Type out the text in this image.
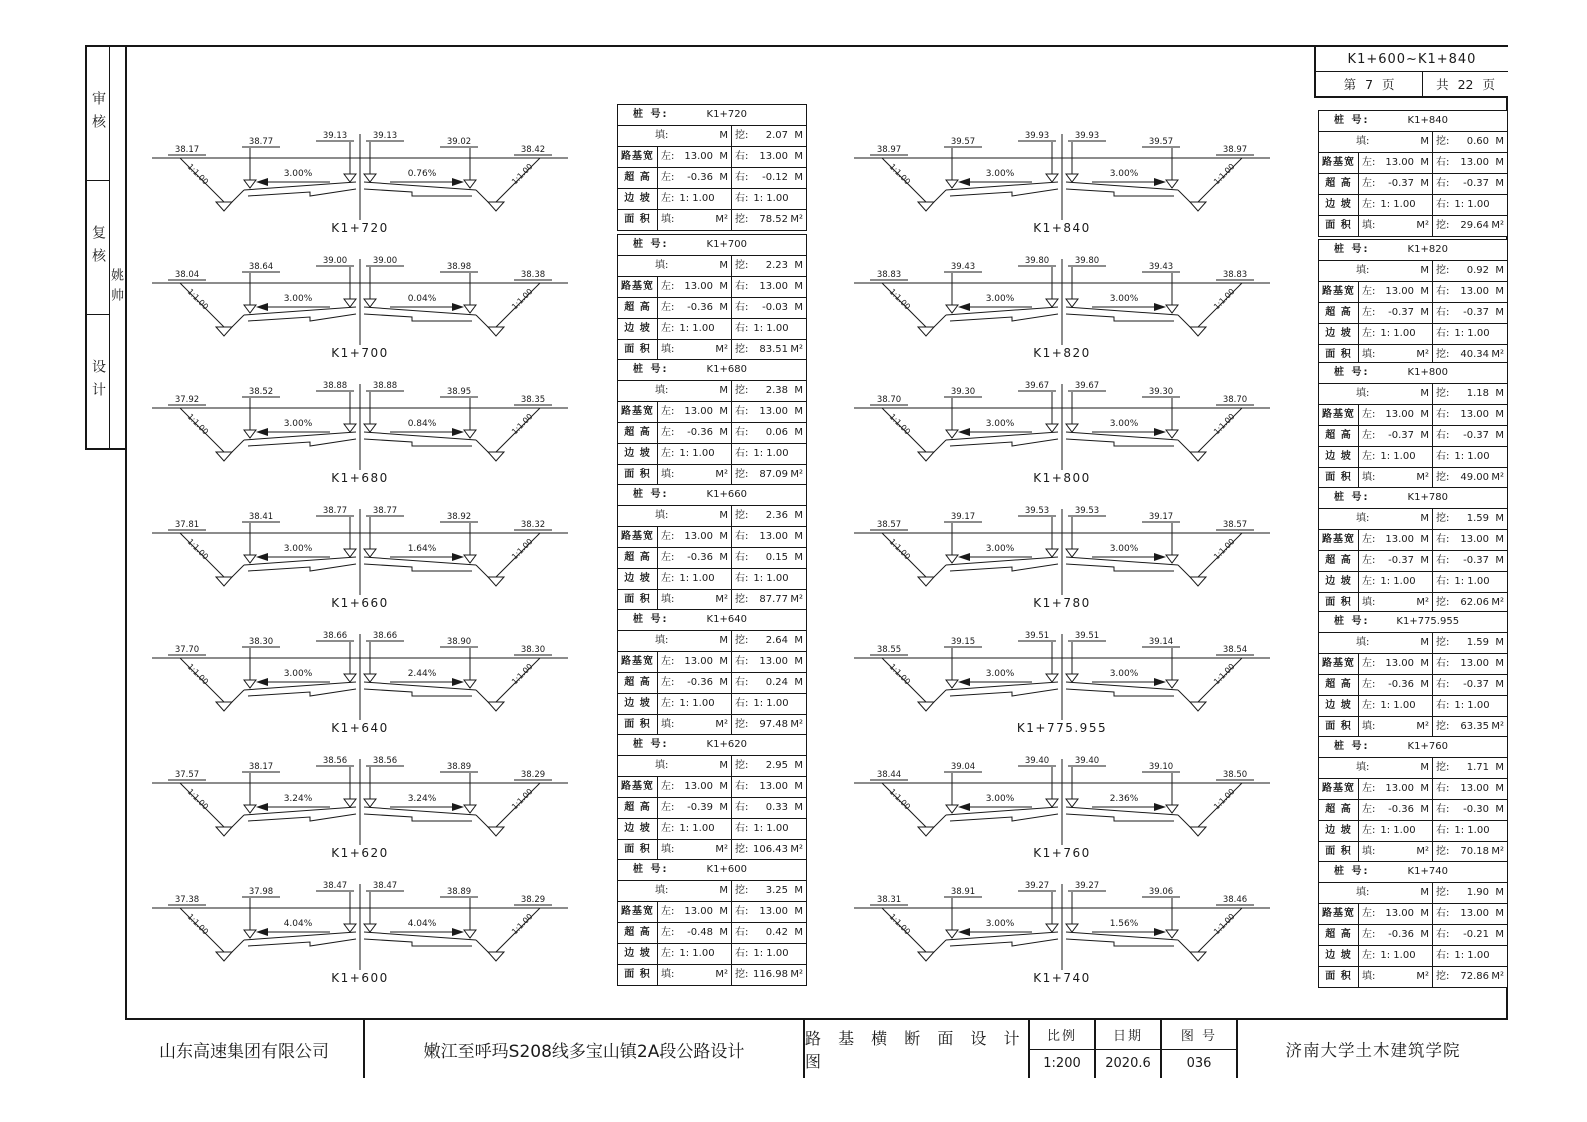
审核
复核
设计
姚帅
K1+600~K1+840
第 7 页	共 22 页
山东高速集团有限公司	嫩江至呼玛S208线多宝山镇2A段公路设计
路 基 横 断 面 设 计 图
比例
1:200
日期
2020.6
图 号
036
济南大学土木建筑学院
38.17
38.77
39.13	39.13
39.02
38.42
3.00%	0.76%
1:1.00	1:1.00
K1+720
桩 号:	K1+720
填:	M 挖: 2.07 M
路基宽 左: 13.00 M 右: 13.00 M
超 高	左: -0.36 M 右: -0.12 M
边 坡	左: 1: 1.00 右: 1: 1.00
面 积	填:	M² 挖: 78.52 M²
38.04
38.64
39.00	39.00
38.98
38.38
3.00%	0.04%
1:1.00	1:1.00
K1+700
桩 号:	K1+700
填:	M 挖: 2.23 M
路基宽 左: 13.00 M 右: 13.00 M
超 高	左: -0.36 M 右: -0.03 M
边 坡	左: 1: 1.00 右: 1: 1.00
面 积	填:	M² 挖: 83.51 M²
37.92
38.52
38.88	38.88
38.95
38.35
3.00%	0.84%
1:1.00	1:1.00
K1+680
桩 号:	K1+680
填:	M 挖: 2.38 M
路基宽 左: 13.00 M 右: 13.00 M
超 高	左: -0.36 M 右: 0.06 M
边 坡	左: 1: 1.00 右: 1: 1.00
面 积	填:	M² 挖: 87.09 M²
37.81
38.41
38.77	38.77
38.92
38.32
3.00%	1.64%
1:1.00	1:1.00
K1+660
桩 号:	K1+660
填:	M 挖: 2.36 M
路基宽 左: 13.00 M 右: 13.00 M
超 高	左: -0.36 M 右: 0.15 M
边 坡	左: 1: 1.00 右: 1: 1.00
面 积	填:	M² 挖: 87.77 M²
37.70
38.30
38.66	38.66
38.90
38.30
3.00%	2.44%
1:1.00	1:1.00
K1+640
桩 号:	K1+640
填:	M 挖: 2.64 M
路基宽 左: 13.00 M 右: 13.00 M
超 高	左: -0.36 M 右: 0.24 M
边 坡	左: 1: 1.00 右: 1: 1.00
面 积	填:	M² 挖: 97.48 M²
37.57
38.17
38.56	38.56
38.89
38.29
3.24%	3.24%
1:1.00	1:1.00
K1+620
桩 号:	K1+620
填:	M 挖: 2.95 M
路基宽 左: 13.00 M 右: 13.00 M
超 高	左: -0.39 M 右: 0.33 M
边 坡	左: 1: 1.00 右: 1: 1.00
面 积	填:	M² 挖: 106.43 M²
37.38
37.98
38.47	38.47
38.89
38.29
4.04%	4.04%
1:1.00	1:1.00
K1+600
桩 号:	K1+600
填:	M 挖: 3.25 M
路基宽 左: 13.00 M 右: 13.00 M
超 高	左: -0.48 M 右: 0.42 M
边 坡	左: 1: 1.00 右: 1: 1.00
面 积	填:	M² 挖: 116.98 M²
38.97
39.57
39.93	39.93
39.57
38.97
3.00%	3.00%
1:1.00	1:1.00
K1+840
桩 号:	K1+840
填:	M 挖: 0.60 M
路基宽 左: 13.00 M 右: 13.00 M
超 高	左: -0.37 M 右: -0.37 M
边 坡	左: 1: 1.00 右: 1: 1.00
面 积	填:	M² 挖: 29.64 M²
38.83
39.43
39.80	39.80
39.43
38.83
3.00%	3.00%
1:1.00	1:1.00
K1+820
桩 号:	K1+820
填:	M 挖: 0.92 M
路基宽 左: 13.00 M 右: 13.00 M
超 高	左: -0.37 M 右: -0.37 M
边 坡	左: 1: 1.00 右: 1: 1.00
面 积	填:	M² 挖: 40.34 M²
38.70
39.30
39.67	39.67
39.30
38.70
3.00%	3.00%
1:1.00	1:1.00
K1+800
桩 号:	K1+800
填:	M 挖: 1.18 M
路基宽 左: 13.00 M 右: 13.00 M
超 高	左: -0.37 M 右: -0.37 M
边 坡	左: 1: 1.00 右: 1: 1.00
面 积	填:	M² 挖: 49.00 M²
38.57
39.17
39.53	39.53
39.17
38.57
3.00%	3.00%
1:1.00	1:1.00
K1+780
桩 号:	K1+780
填:	M 挖: 1.59 M
路基宽 左: 13.00 M 右: 13.00 M
超 高	左: -0.37 M 右: -0.37 M
边 坡	左: 1: 1.00 右: 1: 1.00
面 积	填:	M² 挖: 62.06 M²
38.55
39.15
39.51	39.51
39.14
38.54
3.00%	3.00%
1:1.00	1:1.00
K1+775.955
桩 号:	K1+775.955
填:	M 挖: 1.59 M
路基宽 左: 13.00 M 右: 13.00 M
超 高	左: -0.36 M 右: -0.37 M
边 坡	左: 1: 1.00 右: 1: 1.00
面 积	填:	M² 挖: 63.35 M²
38.44
39.04
39.40	39.40
39.10
38.50
3.00%	2.36%
1:1.00	1:1.00
K1+760
桩 号:	K1+760
填:	M 挖: 1.71 M
路基宽 左: 13.00 M 右: 13.00 M
超 高	左: -0.36 M 右: -0.30 M
边 坡	左: 1: 1.00 右: 1: 1.00
面 积	填:	M² 挖: 70.18 M²
38.31
38.91
39.27	39.27
39.06
38.46
3.00%	1.56%
1:1.00	1:1.00
K1+740
桩 号:	K1+740
填:	M 挖: 1.90 M
路基宽 左: 13.00 M 右: 13.00 M
超 高	左: -0.36 M 右: -0.21 M
边 坡	左: 1: 1.00 右: 1: 1.00
面 积	填:	M² 挖: 72.86 M²
